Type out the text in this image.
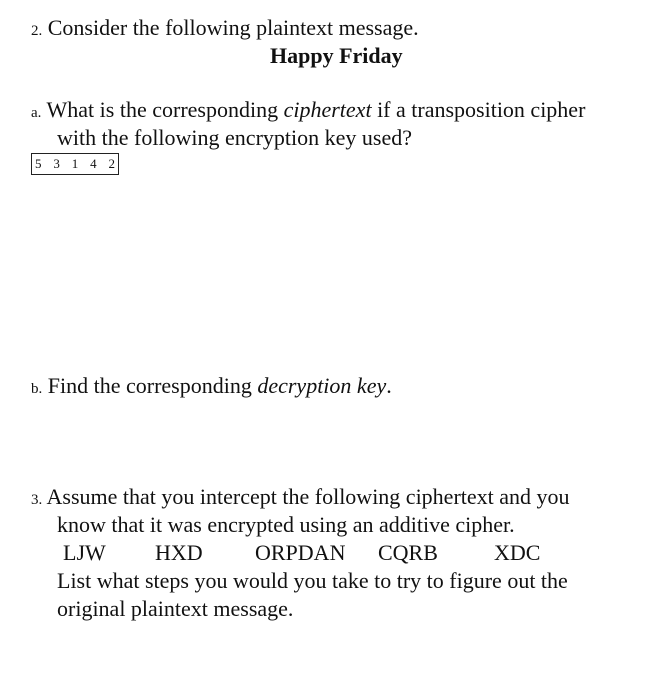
2. Consider the following plaintext message.
Happy Friday
a. What is the corresponding ciphertext if a transposition cipher
with the following encryption key used?
5 3 1 4 2
b. Find the corresponding decryption key.
3. Assume that you intercept the following ciphertext and you
know that it was encrypted using an additive cipher.
LJW HXD ORPDAN CQRB	XDC
List what steps you would you take to try to figure out the
original plaintext message.
